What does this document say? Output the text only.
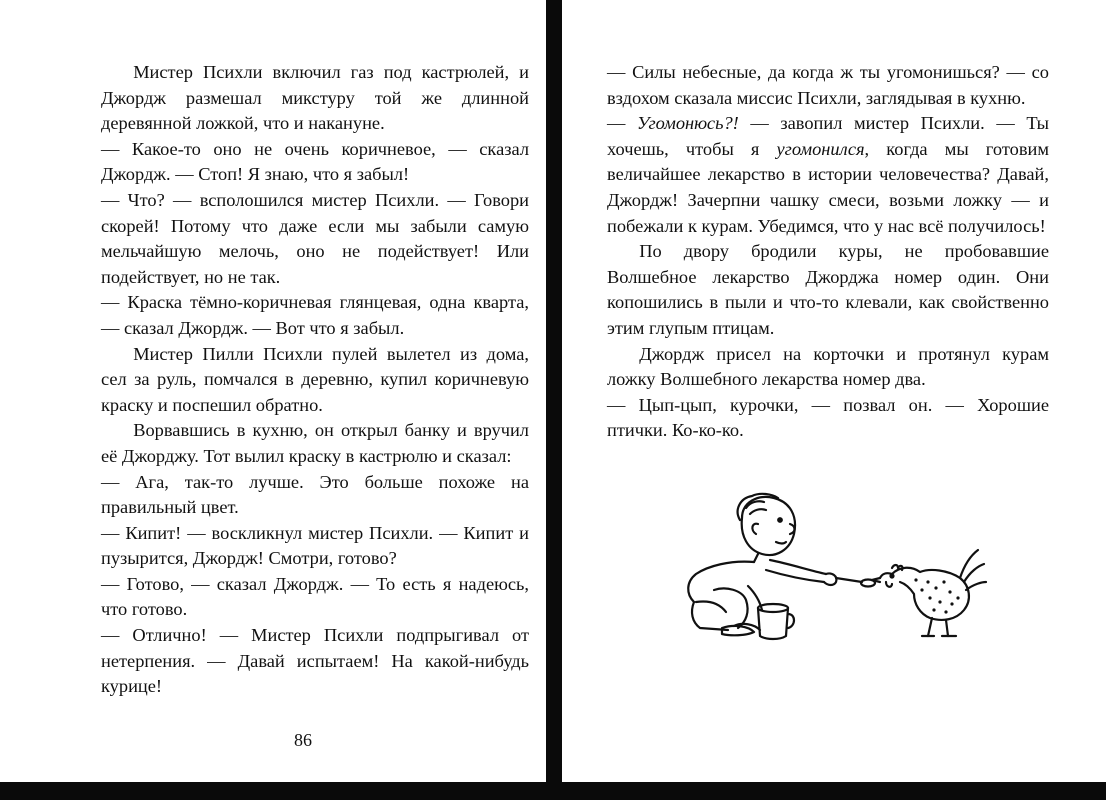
Мистер Психли включил газ под кастрюлей, и Джордж размешал микстуру той же длинной деревянной ложкой, что и накануне.

— Какое-то оно не очень коричневое, — сказал Джордж. — Стоп! Я знаю, что я забыл!

— Что? — всполошился мистер Психли. — Говори скорей! Потому что даже если мы забыли самую мельчайшую мелочь, оно не подействует! Или подействует, но не так.

— Краска тёмно-коричневая глянцевая, одна кварта, — сказал Джордж. — Вот что я забыл.

Мистер Пилли Психли пулей вылетел из дома, сел за руль, помчался в деревню, купил коричневую краску и поспешил обратно.

Ворвавшись в кухню, он открыл банку и вручил её Джорджу. Тот вылил краску в кастрюлю и сказал:

— Ага, так-то лучше. Это больше похоже на правильный цвет.

— Кипит! — воскликнул мистер Психли. — Кипит и пузырится, Джордж! Смотри, готово?

— Готово, — сказал Джордж. — То есть я надеюсь, что готово.

— Отлично! — Мистер Психли подпрыгивал от нетерпения. — Давай испытаем! На какой-нибудь курице!

86

— Силы небесные, да когда ж ты угомонишься? — со вздохом сказала миссис Психли, заглядывая в кухню.

— Угомонюсь?! — завопил мистер Психли. — Ты хочешь, чтобы я угомонился, когда мы готовим величайшее лекарство в истории человечества? Давай, Джордж! Зачерпни чашку смеси, возьми ложку — и побежали к курам. Убедимся, что у нас всё получилось!

По двору бродили куры, не пробовавшие Волшебное лекарство Джорджа номер один. Они копошились в пыли и что-то клевали, как свойственно этим глупым птицам.

Джордж присел на корточки и протянул курам ложку Волшебного лекарства номер два.

— Цып-цып, курочки, — позвал он. — Хорошие птички. Ко-ко-ко.
